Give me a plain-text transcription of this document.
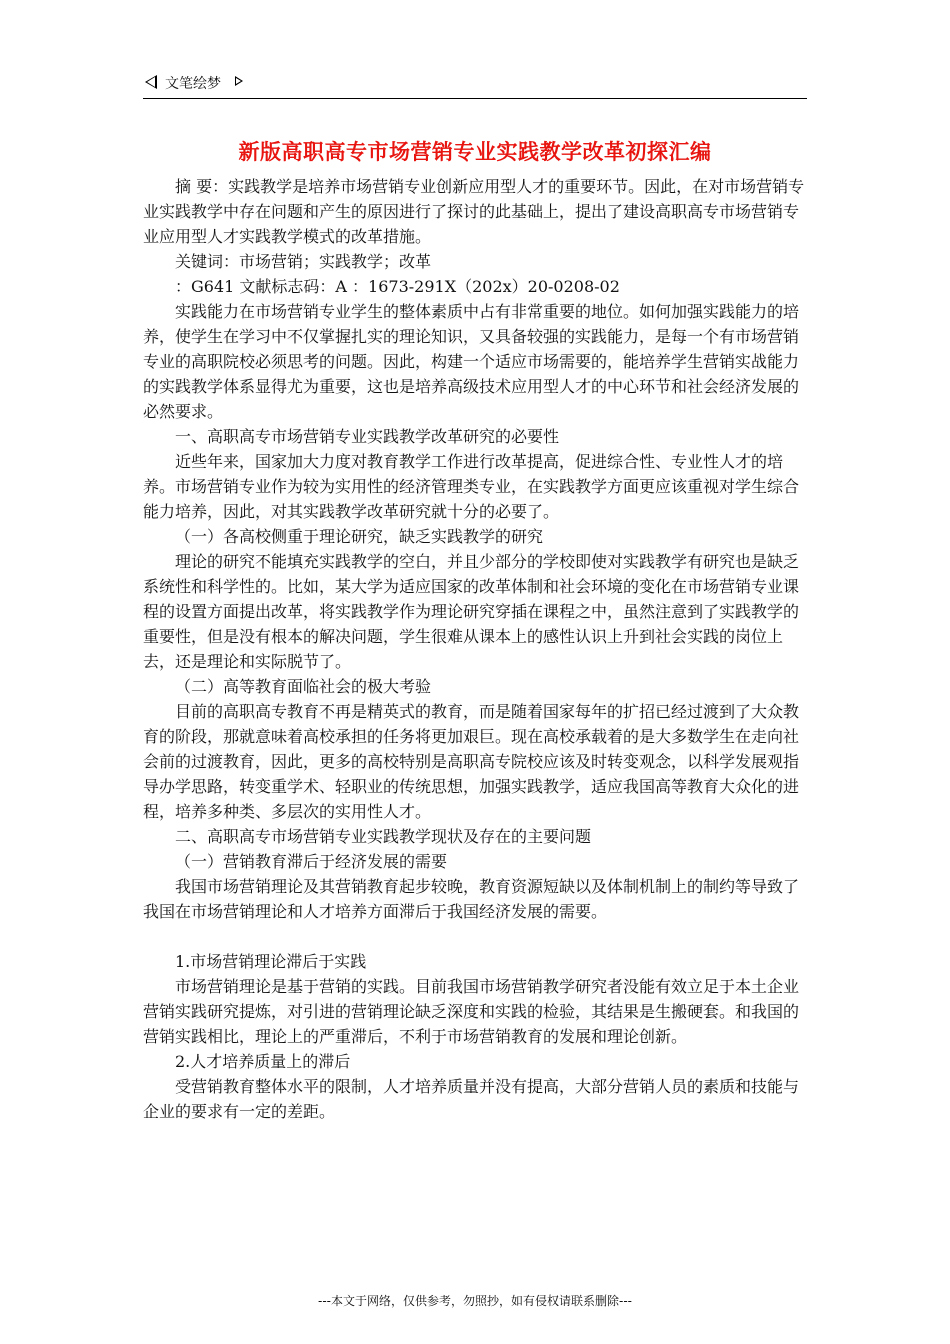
文笔绘梦
新版高职高专市场营销专业实践教学改革初探汇编

摘 要：实践教学是培养市场营销专业创新应用型人才的重要环节。因此，在对市场营销专业实践教学中存在问题和产生的原因进行了探讨的此基础上，提出了建设高职高专市场营销专业应用型人才实践教学模式的改革措施。

关键词：市场营销；实践教学；改革

：G641 文献标志码：A ：1673-291X（202x）20-0208-02

实践能力在市场营销专业学生的整体素质中占有非常重要的地位。如何加强实践能力的培养，使学生在学习中不仅掌握扎实的理论知识，又具备较强的实践能力，是每一个有市场营销专业的高职院校必须思考的问题。因此，构建一个适应市场需要的，能培养学生营销实战能力的实践教学体系显得尤为重要，这也是培养高级技术应用型人才的中心环节和社会经济发展的必然要求。

一、高职高专市场营销专业实践教学改革研究的必要性

近些年来，国家加大力度对教育教学工作进行改革提高，促进综合性、专业性人才的培养。市场营销专业作为较为实用性的经济管理类专业，在实践教学方面更应该重视对学生综合能力培养，因此，对其实践教学改革研究就十分的必要了。

（一）各高校侧重于理论研究，缺乏实践教学的研究

理论的研究不能填充实践教学的空白，并且少部分的学校即使对实践教学有研究也是缺乏系统性和科学性的。比如，某大学为适应国家的改革体制和社会环境的变化在市场营销专业课程的设置方面提出改革，将实践教学作为理论研究穿插在课程之中，虽然注意到了实践教学的重要性，但是没有根本的解决问题，学生很难从课本上的感性认识上升到社会实践的岗位上去，还是理论和实际脱节了。

（二）高等教育面临社会的极大考验

目前的高职高专教育不再是精英式的教育，而是随着国家每年的扩招已经过渡到了大众教育的阶段，那就意味着高校承担的任务将更加艰巨。现在高校承载着的是大多数学生在走向社会前的过渡教育，因此，更多的高校特别是高职高专院校应该及时转变观念，以科学发展观指导办学思路，转变重学术、轻职业的传统思想，加强实践教学，适应我国高等教育大众化的进程，培养多种类、多层次的实用性人才。

二、高职高专市场营销专业实践教学现状及存在的主要问题

（一）营销教育滞后于经济发展的需要

我国市场营销理论及其营销教育起步较晚，教育资源短缺以及体制机制上的制约等导致了我国在市场营销理论和人才培养方面滞后于我国经济发展的需要。

1.市场营销理论滞后于实践

市场营销理论是基于营销的实践。目前我国市场营销教学研究者没能有效立足于本土企业营销实践研究提炼，对引进的营销理论缺乏深度和实践的检验，其结果是生搬硬套。和我国的营销实践相比，理论上的严重滞后，不利于市场营销教育的发展和理论创新。

2.人才培养质量上的滞后

受营销教育整体水平的限制，人才培养质量并没有提高，大部分营销人员的素质和技能与企业的要求有一定的差距。

---本文于网络，仅供参考，勿照抄，如有侵权请联系删除---
